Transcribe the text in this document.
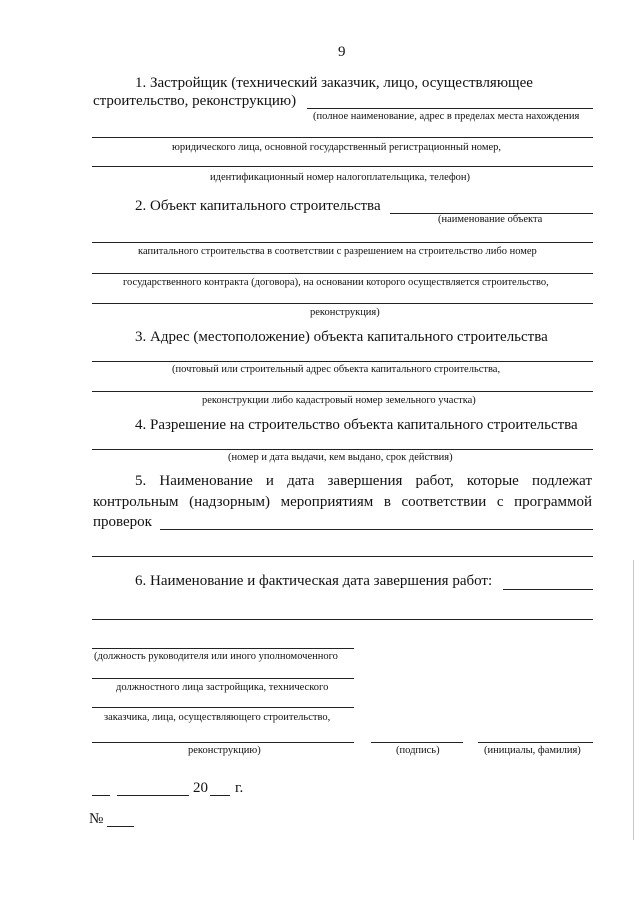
9
1. Застройщик (технический заказчик, лицо, осуществляющее
строительство, реконструкцию)
(полное наименование, адрес в пределах места нахождения
юридического лица, основной государственный регистрационный номер,
идентификационный номер налогоплательщика, телефон)
2. Объект капитального строительства
(наименование объекта
капитального строительства в соответствии с разрешением на строительство либо номер
государственного контракта (договора), на основании которого осуществляется строительство,
реконструкция)
3. Адрес (местоположение) объекта капитального строительства
(почтовый или строительный адрес объекта капитального строительства,
реконструкции либо кадастровый номер земельного участка)
4. Разрешение на строительство объекта капитального строительства
(номер и дата выдачи, кем выдано, срок действия)
5. Наименование и дата завершения работ, которые подлежат
контрольным (надзорным) мероприятиям в соответствии с программой
проверок
6. Наименование и фактическая дата завершения работ:
(должность руководителя или иного уполномоченного
должностного лица застройщика, технического
заказчика, лица, осуществляющего строительство,
реконструкцию)	(подпись)	(инициалы, фамилия)
20 г.
№
